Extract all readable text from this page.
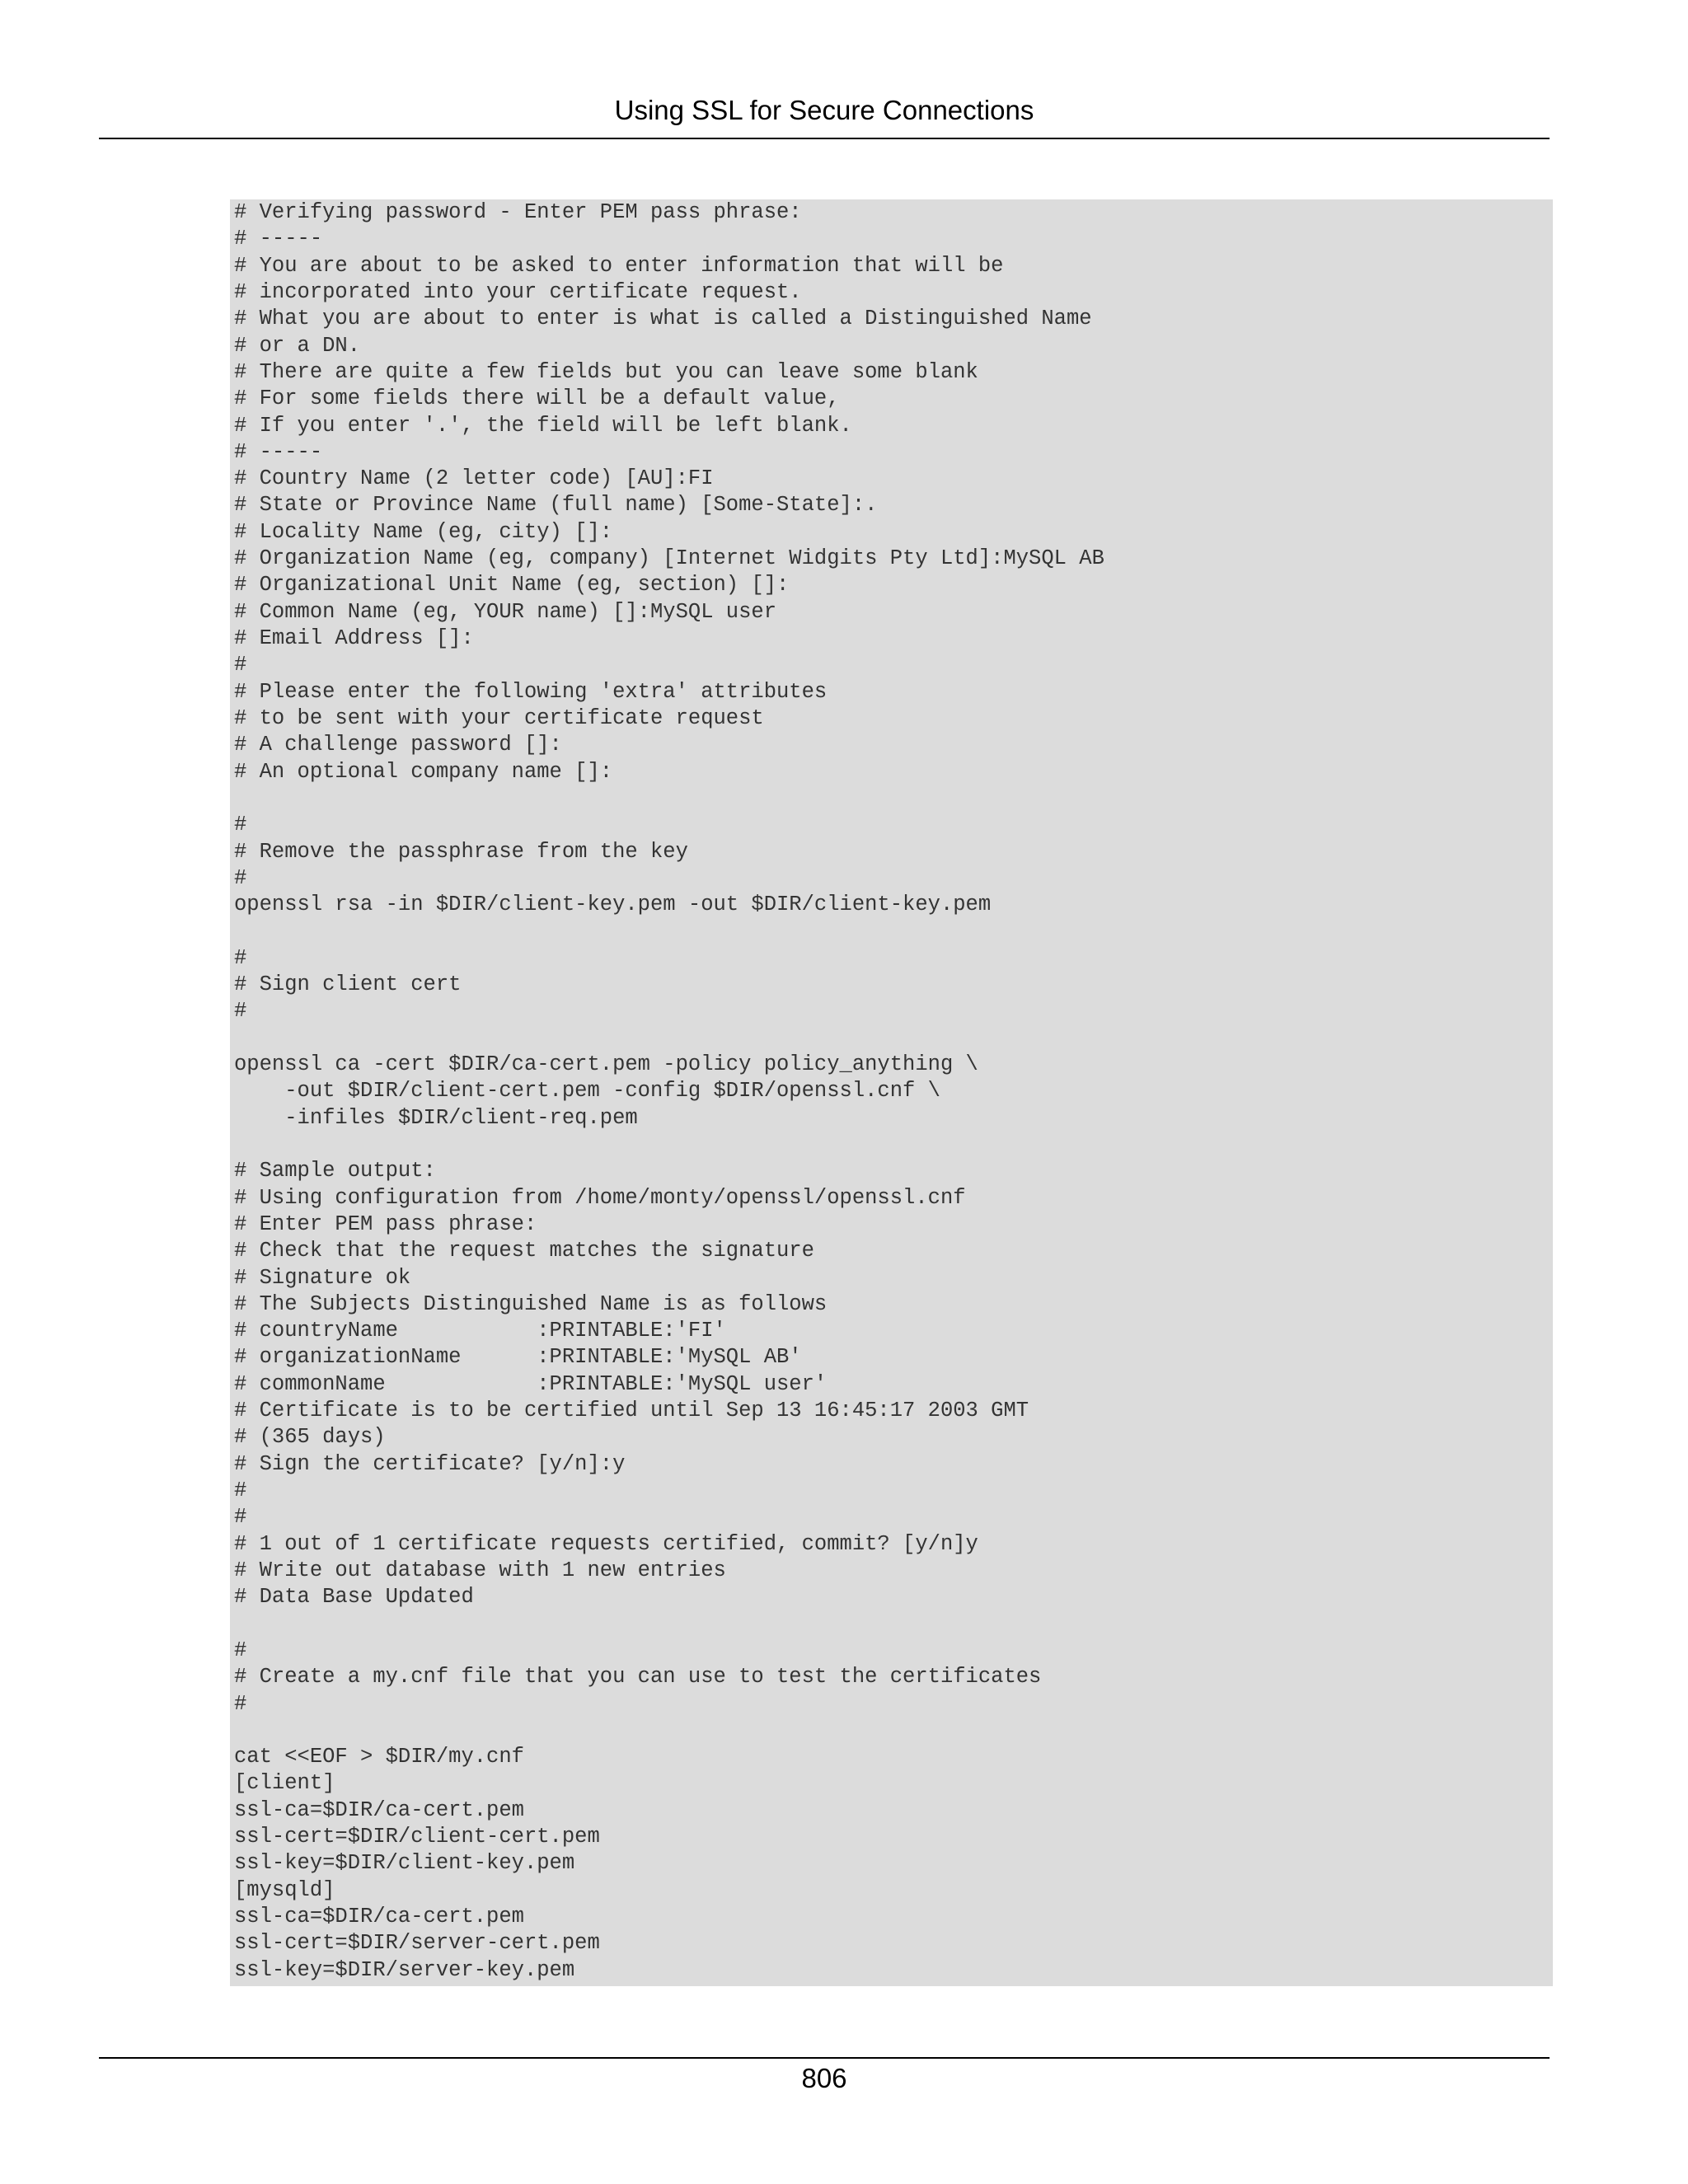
Using SSL for Secure Connections
# Verifying password - Enter PEM pass phrase:
# -----
# You are about to be asked to enter information that will be
# incorporated into your certificate request.
# What you are about to enter is what is called a Distinguished Name
# or a DN.
# There are quite a few fields but you can leave some blank
# For some fields there will be a default value,
# If you enter '.', the field will be left blank.
# -----
# Country Name (2 letter code) [AU]:FI
# State or Province Name (full name) [Some-State]:.
# Locality Name (eg, city) []:
# Organization Name (eg, company) [Internet Widgits Pty Ltd]:MySQL AB
# Organizational Unit Name (eg, section) []:
# Common Name (eg, YOUR name) []:MySQL user
# Email Address []:
#
# Please enter the following 'extra' attributes
# to be sent with your certificate request
# A challenge password []:
# An optional company name []:
#
# Remove the passphrase from the key
#
openssl rsa -in $DIR/client-key.pem -out $DIR/client-key.pem
#
# Sign client cert
#
openssl ca -cert $DIR/ca-cert.pem -policy policy_anything \
-out $DIR/client-cert.pem -config $DIR/openssl.cnf \
-infiles $DIR/client-req.pem
# Sample output:
# Using configuration from /home/monty/openssl/openssl.cnf
# Enter PEM pass phrase:
# Check that the request matches the signature
# Signature ok
# The Subjects Distinguished Name is as follows
# countryName           :PRINTABLE:'FI'
# organizationName      :PRINTABLE:'MySQL AB'
# commonName            :PRINTABLE:'MySQL user'
# Certificate is to be certified until Sep 13 16:45:17 2003 GMT
# (365 days)
# Sign the certificate? [y/n]:y
#
#
# 1 out of 1 certificate requests certified, commit? [y/n]y
# Write out database with 1 new entries
# Data Base Updated
#
# Create a my.cnf file that you can use to test the certificates
#
cat <<EOF > $DIR/my.cnf
[client]
ssl-ca=$DIR/ca-cert.pem
ssl-cert=$DIR/client-cert.pem
ssl-key=$DIR/client-key.pem
[mysqld]
ssl-ca=$DIR/ca-cert.pem
ssl-cert=$DIR/server-cert.pem
ssl-key=$DIR/server-key.pem
806
